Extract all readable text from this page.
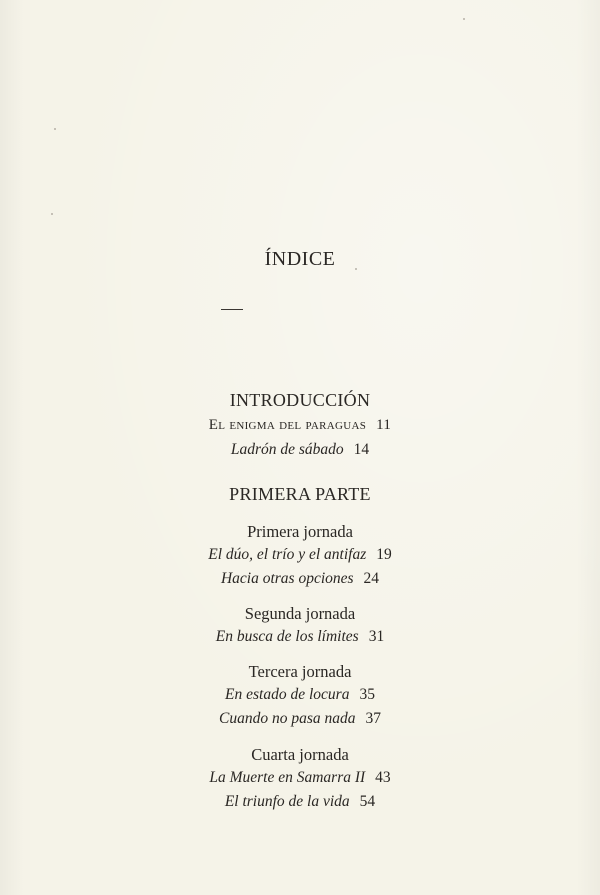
ÍNDICE
INTRODUCCIÓN
El enigma del paraguas 11
Ladrón de sábado 14
PRIMERA PARTE
Primera jornada
El dúo, el trío y el antifaz 19
Hacia otras opciones 24
Segunda jornada
En busca de los límites 31
Tercera jornada
En estado de locura 35
Cuando no pasa nada 37
Cuarta jornada
La Muerte en Samarra II 43
El triunfo de la vida 54
